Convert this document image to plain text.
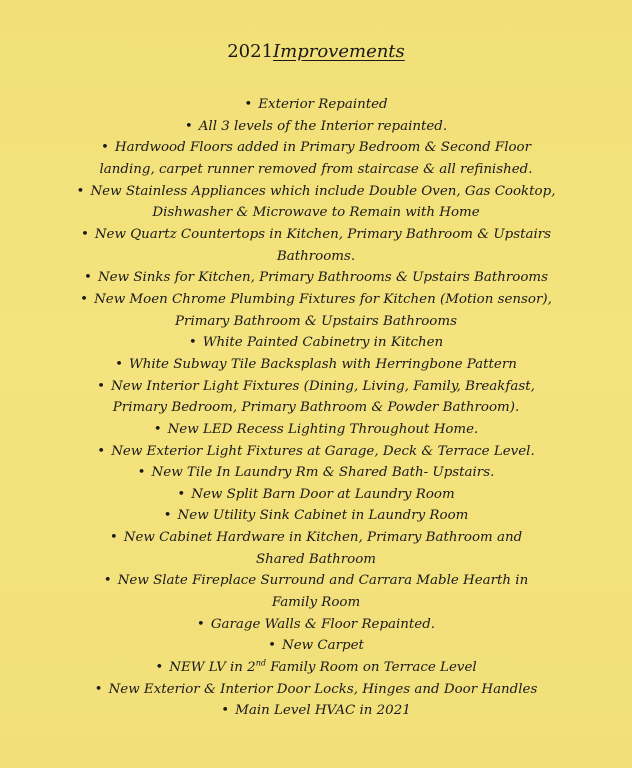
2021Improvements
• Exterior Repainted
• All 3 levels of the Interior repainted.
• Hardwood Floors added in Primary Bedroom & Second Floor
landing, carpet runner removed from staircase & all refinished.
• New Stainless Appliances which include Double Oven, Gas Cooktop,
Dishwasher & Microwave to Remain with Home
• New Quartz Countertops in Kitchen, Primary Bathroom & Upstairs
Bathrooms.
• New Sinks for Kitchen, Primary Bathrooms & Upstairs Bathrooms
• New Moen Chrome Plumbing Fixtures for Kitchen (Motion sensor),
Primary Bathroom & Upstairs Bathrooms
• White Painted Cabinetry in Kitchen
• White Subway Tile Backsplash with Herringbone Pattern
• New Interior Light Fixtures (Dining, Living, Family, Breakfast,
Primary Bedroom, Primary Bathroom & Powder Bathroom).
• New LED Recess Lighting Throughout Home.
• New Exterior Light Fixtures at Garage, Deck & Terrace Level.
• New Tile In Laundry Rm & Shared Bath- Upstairs.
• New Split Barn Door at Laundry Room
• New Utility Sink Cabinet in Laundry Room
• New Cabinet Hardware in Kitchen, Primary Bathroom and
Shared Bathroom
• New Slate Fireplace Surround and Carrara Mable Hearth in
Family Room
• Garage Walls & Floor Repainted.
• New Carpet
• NEW LV in 2nd Family Room on Terrace Level
• New Exterior & Interior Door Locks, Hinges and Door Handles
• Main Level HVAC in 2021
